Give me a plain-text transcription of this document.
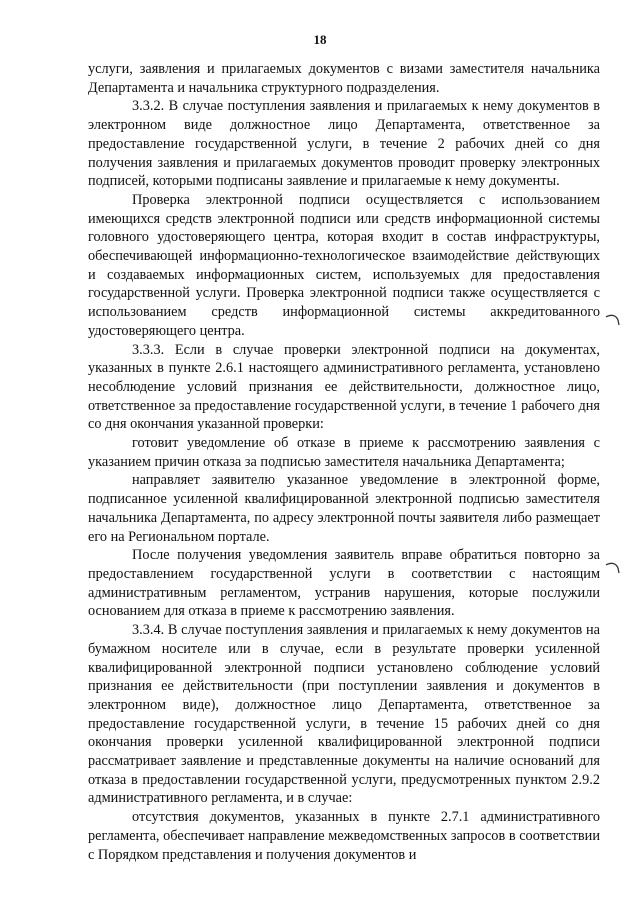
18

услуги, заявления и прилагаемых документов с визами заместителя начальника Департамента и начальника структурного подразделения.

3.3.2. В случае поступления заявления и прилагаемых к нему документов в электронном виде должностное лицо Департамента, ответственное за предоставление государственной услуги, в течение 2 рабочих дней со дня получения заявления и прилагаемых документов проводит проверку электронных подписей, которыми подписаны заявление и прилагаемые к нему документы.

Проверка электронной подписи осуществляется с использованием имеющихся средств электронной подписи или средств информационной системы головного удостоверяющего центра, которая входит в состав инфраструктуры, обеспечивающей информационно-технологическое взаимодействие действующих и создаваемых информационных систем, используемых для предоставления государственной услуги. Проверка электронной подписи также осуществляется с использованием средств информационной системы аккредитованного удостоверяющего центра.

3.3.3. Если в случае проверки электронной подписи на документах, указанных в пункте 2.6.1 настоящего административного регламента, установлено несоблюдение условий признания ее действительности, должностное лицо, ответственное за предоставление государственной услуги, в течение 1 рабочего дня со дня окончания указанной проверки:

готовит уведомление об отказе в приеме к рассмотрению заявления с указанием причин отказа за подписью заместителя начальника Департамента;

направляет заявителю указанное уведомление в электронной форме, подписанное усиленной квалифицированной электронной подписью заместителя начальника Департамента, по адресу электронной почты заявителя либо размещает его на Региональном портале.

После получения уведомления заявитель вправе обратиться повторно за предоставлением государственной услуги в соответствии с настоящим административным регламентом, устранив нарушения, которые послужили основанием для отказа в приеме к рассмотрению заявления.

3.3.4. В случае поступления заявления и прилагаемых к нему документов на бумажном носителе или в случае, если в результате проверки усиленной квалифицированной электронной подписи установлено соблюдение условий признания ее действительности (при поступлении заявления и документов в электронном виде), должностное лицо Департамента, ответственное за предоставление государственной услуги, в течение 15 рабочих дней со дня окончания проверки усиленной квалифицированной электронной подписи рассматривает заявление и представленные документы на наличие оснований для отказа в предоставлении государственной услуги, предусмотренных пунктом 2.9.2 административного регламента, и в случае:

отсутствия документов, указанных в пункте 2.7.1 административного регламента, обеспечивает направление межведомственных запросов в соответствии с Порядком представления и получения документов и
